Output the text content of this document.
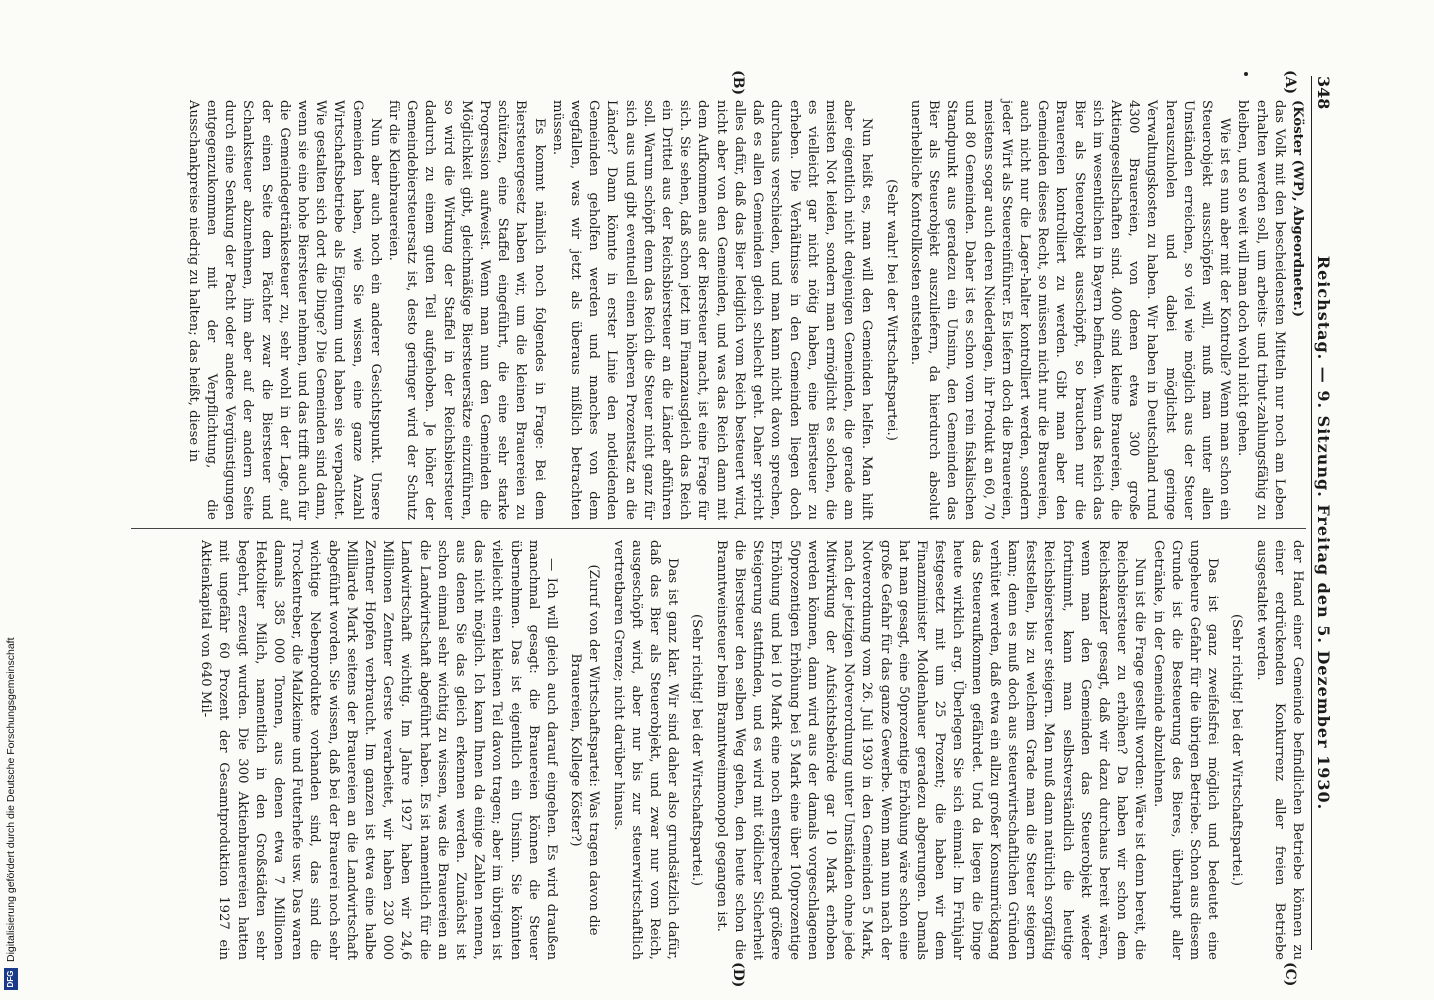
348
Reichstag. — 9. Sitzung. Freitag den 5. Dezember 1930.
(A)
(B)
(C)
(D)

(Köster (WP), Abgeordneter.)

das Volk mit den bescheidensten Mitteln nur noch am Leben erhalten werden soll, um arbeits- und tribut-zahlungsfähig zu bleiben, und so weit will man doch wohl nicht gehen.

Wie ist es nun aber mit der Kontrolle? Wenn man schon ein Steuerobjekt ausschöpfen will, muß man unter allen Umständen erreichen, so viel wie möglich aus der Steuer herauszuholen und dabei möglichst geringe Verwaltungskosten zu haben. Wir haben in Deutschland rund 4300 Brauereien, von denen etwa 300 große Aktiengesellschaften sind. 4000 sind kleine Brauereien, die sich im wesentlichen in Bayern befinden. Wenn das Reich das Bier als Steuerobjekt ausschöpft, so brauchen nur die Brauereien kontrolliert zu werden. Gibt man aber den Gemeinden dieses Recht, so müssen nicht nur die Brauereien, auch nicht nur die Lager-halter kontrolliert werden, sondern jeder Wirt als Steuereinführer. Es liefern doch die Brauereien, meistens sogar auch deren Niederlagen, ihr Produkt an 60, 70 und 80 Gemeinden. Daher ist es schon vom rein fiskalischen Standpunkt aus geradezu ein Unsinn, den Gemeinden das Bier als Steuerobjekt auszuliefern, da hierdurch absolut unerhebliche Kontrollkosten entstehen.

(Sehr wahr! bei der Wirtschaftspartei.)

Nun heißt es, man will den Gemeinden helfen. Man hilft aber eigentlich nicht denjenigen Gemeinden, die gerade am meisten Not leiden, sondern man ermöglicht es solchen, die es vielleicht gar nicht nötig haben, eine Biersteuer zu erheben. Die Verhältnisse in den Gemeinden liegen doch durchaus verschieden, und man kann nicht davon sprechen, daß es allen Gemeinden gleich schlecht geht. Daher spricht alles dafür, daß das Bier lediglich vom Reich besteuert wird, nicht aber von den Gemeinden, und was das Reich dann mit dem Aufkommen aus der Biersteuer macht, ist eine Frage für sich. Sie sehen, daß schon jetzt im Finanzausgleich das Reich ein Drittel aus der Reichsbiersteuer an die Länder abführen soll. Warum schöpft denn das Reich die Steuer nicht ganz für sich aus und gibt eventuell einen höheren Prozentsatz an die Länder? Dann könnte in erster Linie den notleidenden Gemeinden geholfen werden und manches von dem wegfallen, was wir jetzt als überaus mißlich betrachten müssen.

Es kommt nämlich noch folgendes in Frage: Bei dem Biersteuergesetz haben wir, um die kleinen Brauereien zu schützen, eine Staffel eingeführt, die eine sehr starke Progression aufweist. Wenn man nun den Gemeinden die Möglichkeit gibt, gleichmäßige Biersteuersätze einzuführen, so wird die Wirkung der Staffel in der Reichsbiersteuer dadurch zu einem guten Teil aufgehoben. Je höher der Gemeindebiersteuersatz ist, desto geringer wird der Schutz für die Kleinbrauereien.

Nun aber auch noch ein anderer Gesichtspunkt. Unsere Gemeinden haben, wie Sie wissen, eine ganze Anzahl Wirtschaftsbetriebe als Eigentum und haben sie verpachtet. Wie gestalten sich dort die Dinge? Die Gemeinden sind dann, wenn sie eine hohe Biersteuer nehmen, und das trifft auch für die Gemeindegetränkesteuer zu, sehr wohl in der Lage, auf der einen Seite dem Pächter zwar die Biersteuer und Schanksteuer abzunehmen, ihm aber auf der andern Seite durch eine Senkung der Pacht oder andere Vergünstigungen entgegenzukommen mit der Verpflichtung, die Ausschankpreise niedrig zu halten; das heißt, diese in

der Hand einer Gemeinde befindlichen Betriebe können zu einer erdrückenden Konkurrenz aller freien Betriebe ausgestaltet werden.

(Sehr richtig! bei der Wirtschaftspartei.)

Das ist ganz zweifelsfrei möglich und bedeutet eine ungeheure Gefahr für die übrigen Betriebe. Schon aus diesem Grunde ist die Besteuerung des Bieres, überhaupt aller Getränke, in der Gemeinde abzulehnen.

Nun ist die Frage gestellt worden: Wäre ist denn bereit, die Reichsbiersteuer zu erhöhen? Da haben wir schon dem Reichskanzler gesagt, daß wir dazu durchaus bereit wären, wenn man den Gemeinden das Steuerobjekt wieder fortnimmt, kann man selbstverständlich die heutige Reichsbiersteuer steigern. Man muß dann natürlich sorgfältig feststellen, bis zu welchem Grade man die Steuer steigern kann; denn es muß doch aus steuerwirtschaftlichen Gründen verhütet werden, daß etwa ein allzu großer Konsumrückgang das Steueraufkommen gefährdet. Und da liegen die Dinge heute wirklich arg. Überlegen Sie sich einmal: Im Frühjahr festgesetzt mit um 25 Prozent; die haben wir dem Finanzminister Moldenhauer geradezu abgerungen. Damals hat man gesagt, eine 50prozentige Erhöhung wäre schon eine große Gefahr für das ganze Gewerbe. Wenn man nun nach der Notverordnung vom 26. Juli 1930 in den Gemeinden 5 Mark, nach der jetzigen Notverordnung unter Umständen ohne jede Mitwirkung der Aufsichtsbehörde gar 10 Mark erhoben werden können, dann wird aus der damals vorgeschlagenen 50prozentigen Erhöhung bei 5 Mark eine über 100prozentige Erhöhung und bei 10 Mark eine noch entsprechend größere Steigerung stattfinden, und es wird mit tödlicher Sicherheit die Biersteuer den selben Weg gehen, den heute schon die Branntweinsteuer beim Branntweinmonopol gegangen ist.

(Sehr richtig! bei der Wirtschaftspartei.)

Das ist ganz klar. Wir sind daher also grundsätzlich dafür, daß das Bier als Steuerobjekt, und zwar nur vom Reich, ausgeschöpft wird, aber nur bis zur steuerwirtschaftlich vertretbaren Grenze; nicht darüber hinaus.

(Zuruf von der Wirtschaftspartei: Was tragen davon die Brauereien, Kollege Köster?)

— Ich will gleich auch darauf eingehen. Es wird draußen manchmal gesagt: die Brauereien können die Steuer übernehmen. Das ist eigentlich ein Unsinn. Sie könnten vielleicht einen kleinen Teil davon tragen; aber im übrigen ist das nicht möglich. Ich kann Ihnen da einige Zahlen nennen, aus denen Sie das gleich erkennen werden. Zunächst ist schon einmal sehr wichtig zu wissen, was die Brauereien an die Landwirtschaft abgeführt haben. Es ist namentlich für die Landwirtschaft wichtig. Im Jahre 1927 haben wir 24,6 Millionen Zentner Gerste verarbeitet, wir haben 230 000 Zentner Hopfen verbraucht. Im ganzen ist etwa eine halbe Milliarde Mark seitens der Brauereien an die Landwirtschaft abgeführt worden. Sie wissen, daß bei der Brauerei noch sehr wichtige Nebenprodukte vorhanden sind, das sind die Trockentreber, die Malzkeime und Futterhefe usw. Das waren damals 385 000 Tonnen, aus denen etwa 7 Millionen Hektoliter Milch, namentlich in den Großstädten sehr begehrt, erzeugt wurden. Die 300 Aktienbrauereien hatten mit ungefähr 60 Prozent der Gesamtproduktion 1927 ein Aktienkapital von 640 Mil-

DFG
Digitalisierung gefördert durch die Deutsche Forschungsgemeinschaft
